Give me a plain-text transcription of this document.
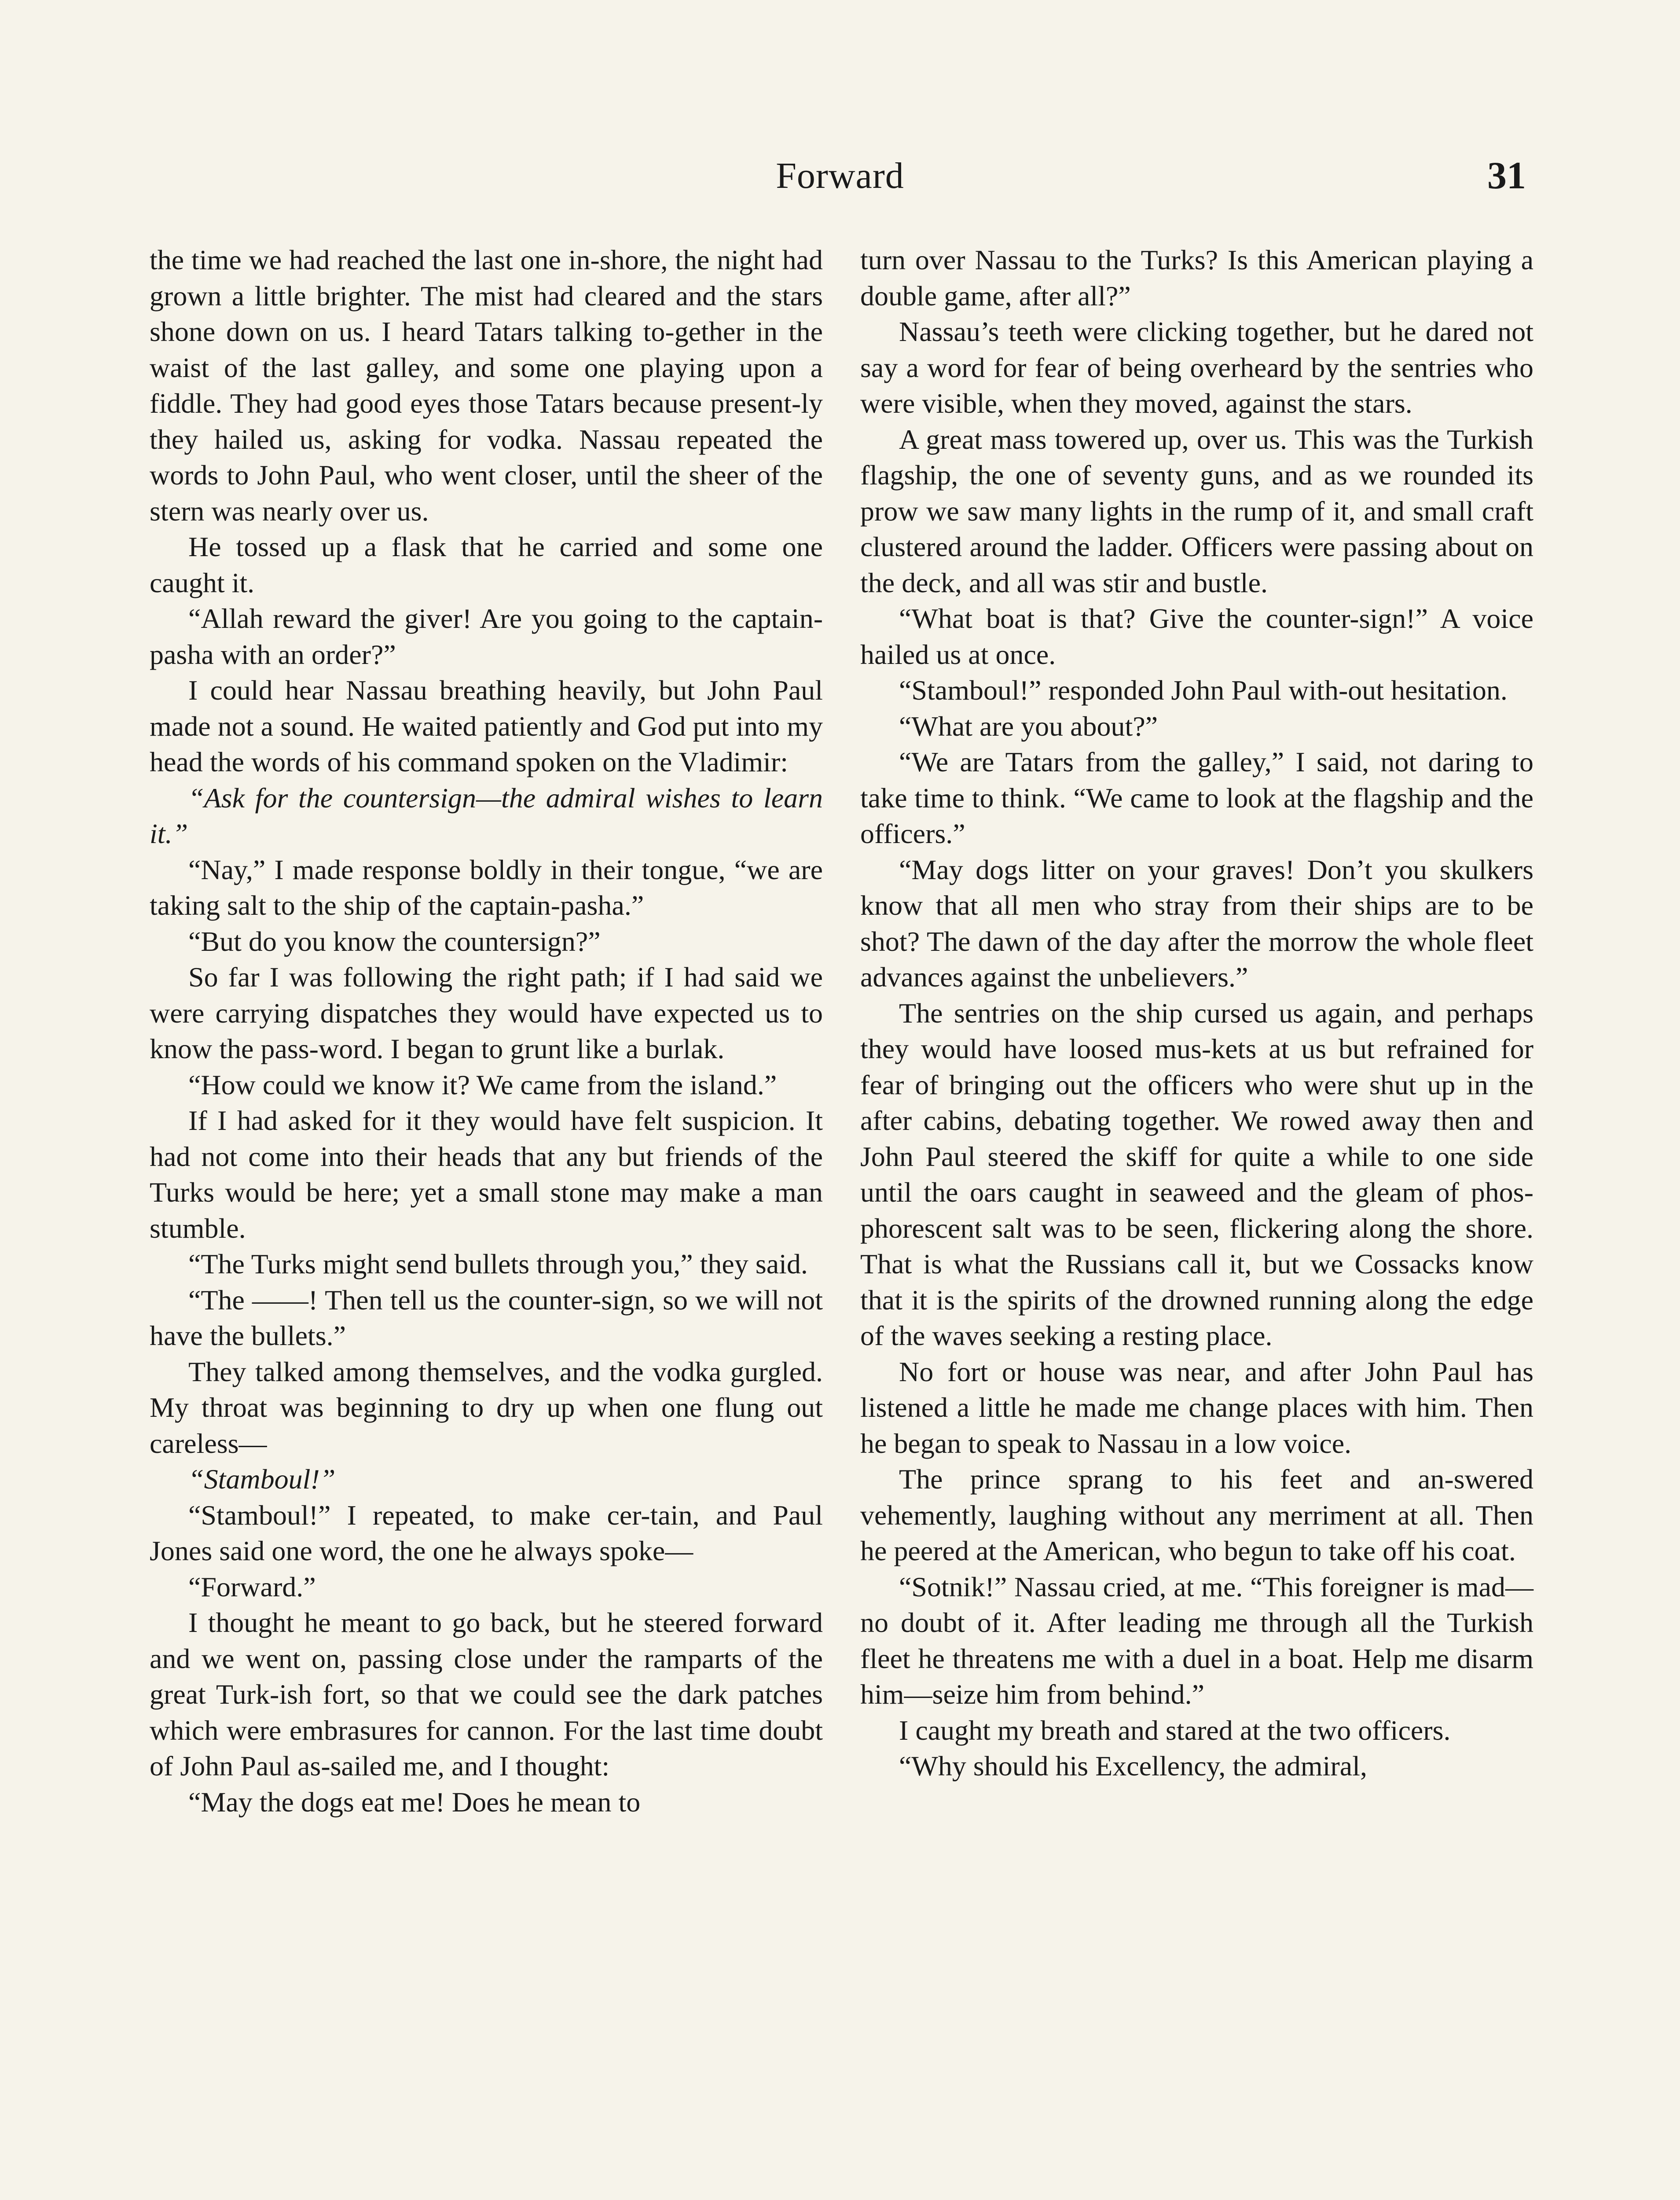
Forward	31

the time we had reached the last one in-shore, the night had grown a little brighter. The mist had cleared and the stars shone down on us. I heard Tatars talking to-gether in the waist of the last galley, and some one playing upon a fiddle. They had good eyes those Tatars because present-ly they hailed us, asking for vodka. Nassau repeated the words to John Paul, who went closer, until the sheer of the stern was nearly over us.

He tossed up a flask that he carried and some one caught it.

“Allah reward the giver! Are you going to the captain-pasha with an order?”

I could hear Nassau breathing heavily, but John Paul made not a sound. He waited patiently and God put into my head the words of his command spoken on the Vladimir:

“Ask for the countersign—the admiral wishes to learn it.”

“Nay,” I made response boldly in their tongue, “we are taking salt to the ship of the captain-pasha.”

“But do you know the countersign?”

So far I was following the right path; if I had said we were carrying dispatches they would have expected us to know the pass-word. I began to grunt like a burlak.

“How could we know it? We came from the island.”

If I had asked for it they would have felt suspicion. It had not come into their heads that any but friends of the Turks would be here; yet a small stone may make a man stumble.

“The Turks might send bullets through you,” they said.

“The ——! Then tell us the counter-sign, so we will not have the bullets.”

They talked among themselves, and the vodka gurgled. My throat was beginning to dry up when one flung out careless—

“Stamboul!”

“Stamboul!” I repeated, to make cer-tain, and Paul Jones said one word, the one he always spoke—

“Forward.”

I thought he meant to go back, but he steered forward and we went on, passing close under the ramparts of the great Turk-ish fort, so that we could see the dark patches which were embrasures for cannon. For the last time doubt of John Paul as-sailed me, and I thought:

“May the dogs eat me! Does he mean to

turn over Nassau to the Turks? Is this American playing a double game, after all?”

Nassau’s teeth were clicking together, but he dared not say a word for fear of being overheard by the sentries who were visible, when they moved, against the stars.

A great mass towered up, over us. This was the Turkish flagship, the one of seventy guns, and as we rounded its prow we saw many lights in the rump of it, and small craft clustered around the ladder. Officers were passing about on the deck, and all was stir and bustle.

“What boat is that? Give the counter-sign!” A voice hailed us at once.

“Stamboul!” responded John Paul with-out hesitation.

“What are you about?”

“We are Tatars from the galley,” I said, not daring to take time to think. “We came to look at the flagship and the officers.”

“May dogs litter on your graves! Don’t you skulkers know that all men who stray from their ships are to be shot? The dawn of the day after the morrow the whole fleet advances against the unbelievers.”

The sentries on the ship cursed us again, and perhaps they would have loosed mus-kets at us but refrained for fear of bringing out the officers who were shut up in the after cabins, debating together. We rowed away then and John Paul steered the skiff for quite a while to one side until the oars caught in seaweed and the gleam of phos-phorescent salt was to be seen, flickering along the shore. That is what the Russians call it, but we Cossacks know that it is the spirits of the drowned running along the edge of the waves seeking a resting place.

No fort or house was near, and after John Paul has listened a little he made me change places with him. Then he began to speak to Nassau in a low voice.

The prince sprang to his feet and an-swered vehemently, laughing without any merriment at all. Then he peered at the American, who begun to take off his coat.

“Sotnik!” Nassau cried, at me. “This foreigner is mad—no doubt of it. After leading me through all the Turkish fleet he threatens me with a duel in a boat. Help me disarm him—seize him from behind.”

I caught my breath and stared at the two officers.

“Why should his Excellency, the admiral,
